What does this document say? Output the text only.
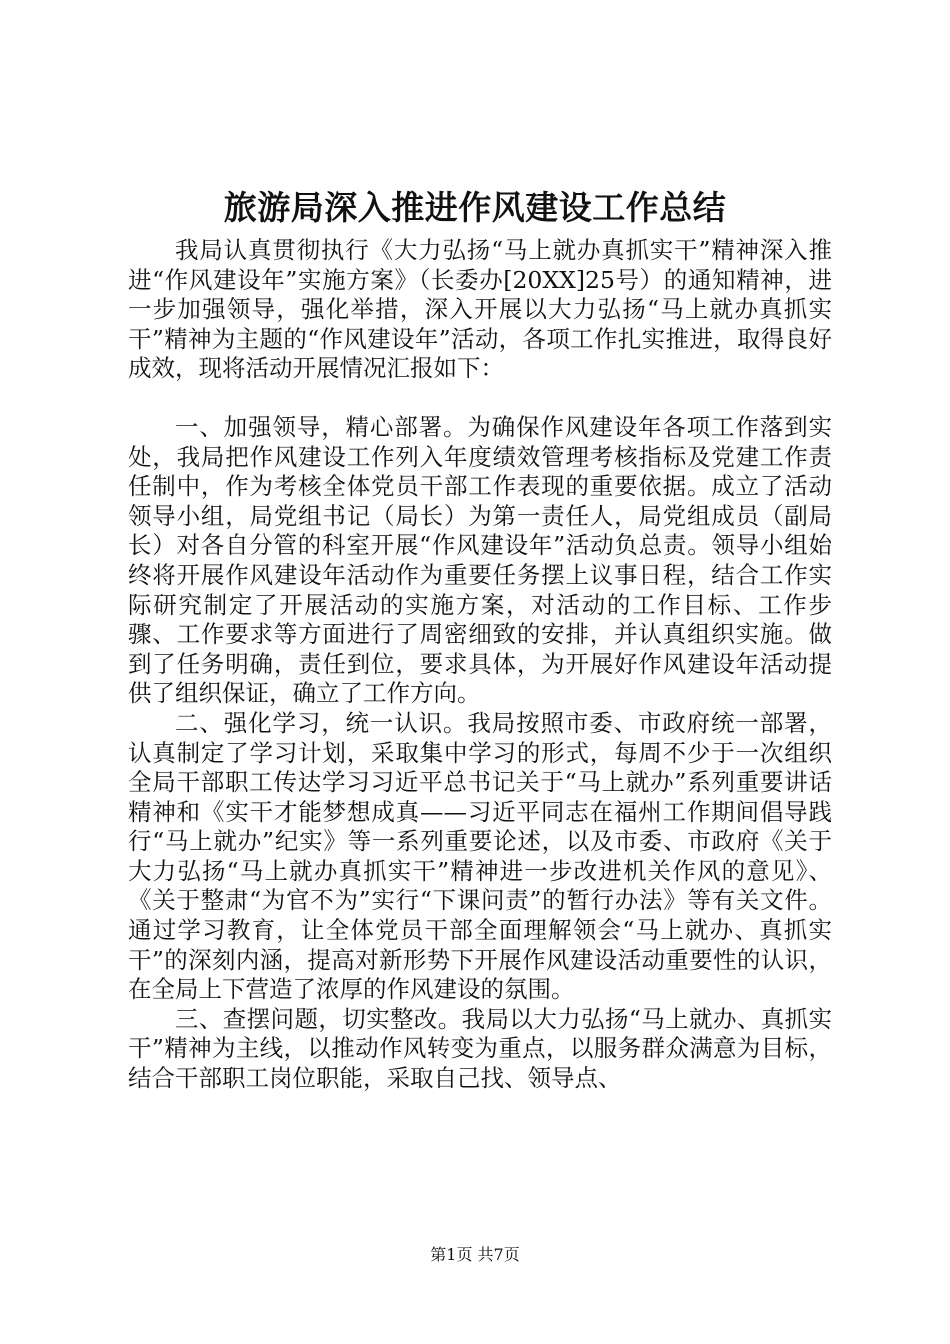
旅游局深入推进作风建设工作总结

我局认真贯彻执行《大力弘扬“马上就办真抓实干”精神深入推进“作风建设年”实施方案》（长委办[20XX]25号）的通知精神，进一步加强领导，强化举措，深入开展以大力弘扬“马上就办真抓实干”精神为主题的“作风建设年”活动，各项工作扎实推进，取得良好成效，现将活动开展情况汇报如下：

一、加强领导，精心部署。为确保作风建设年各项工作落到实处，我局把作风建设工作列入年度绩效管理考核指标及党建工作责任制中，作为考核全体党员干部工作表现的重要依据。成立了活动领导小组，局党组书记（局长）为第一责任人，局党组成员（副局长）对各自分管的科室开展“作风建设年”活动负总责。领导小组始终将开展作风建设年活动作为重要任务摆上议事日程，结合工作实际研究制定了开展活动的实施方案，对活动的工作目标、工作步骤、工作要求等方面进行了周密细致的安排，并认真组织实施。做到了任务明确，责任到位，要求具体，为开展好作风建设年活动提供了组织保证，确立了工作方向。

二、强化学习，统一认识。我局按照市委、市政府统一部署，认真制定了学习计划，采取集中学习的形式，每周不少于一次组织全局干部职工传达学习习近平总书记关于“马上就办”系列重要讲话精神和《实干才能梦想成真——习近平同志在福州工作期间倡导践行“马上就办”纪实》等一系列重要论述，以及市委、市政府《关于大力弘扬“马上就办真抓实干”精神进一步改进机关作风的意见》、《关于整肃“为官不为”实行“下课问责”的暂行办法》等有关文件。通过学习教育，让全体党员干部全面理解领会“马上就办、真抓实干”的深刻内涵，提高对新形势下开展作风建设活动重要性的认识，在全局上下营造了浓厚的作风建设的氛围。

三、查摆问题，切实整改。我局以大力弘扬“马上就办、真抓实干”精神为主线，以推动作风转变为重点，以服务群众满意为目标，结合干部职工岗位职能，采取自己找、领导点、

第1页 共7页
